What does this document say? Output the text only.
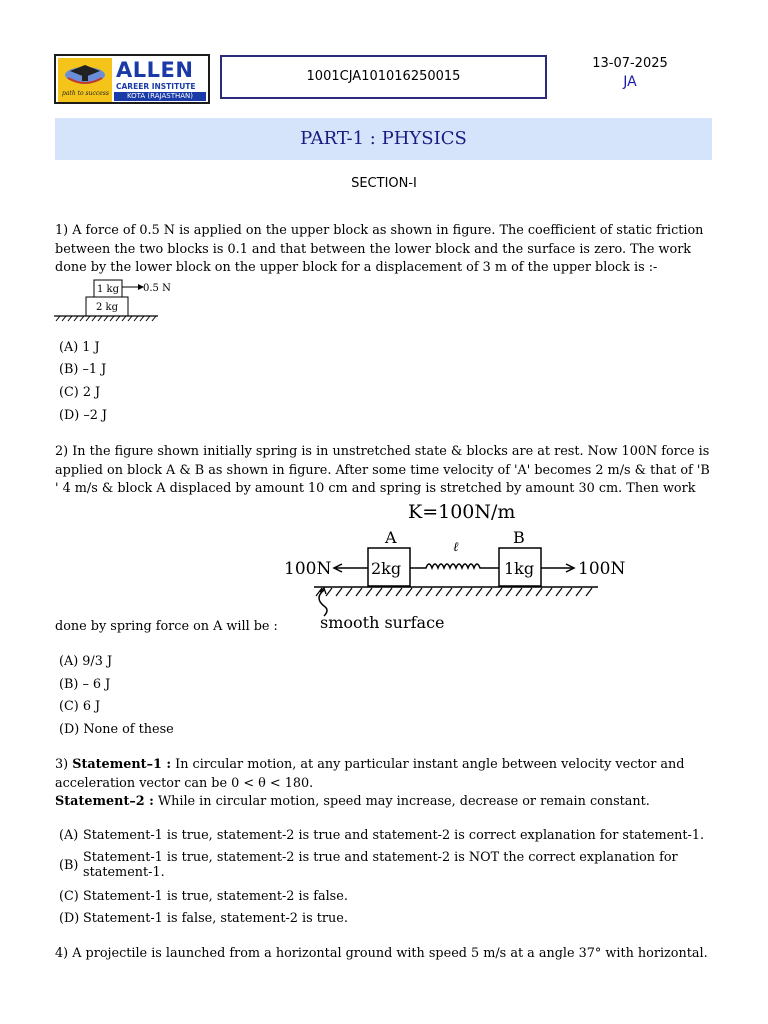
path to success
ALLEN
CAREER INSTITUTE
KOTA (RAJASTHAN)
1001CJA101016250015
13-07-2025
JA
PART-1 : PHYSICS
SECTION-I
1) A force of 0.5 N is applied on the upper block as shown in figure. The coefficient of static friction
between the two blocks is 0.1 and that between the lower block and the surface is zero. The work
done by the lower block on the upper block for a displacement of 3 m of the upper block is :-
1 kg
2 kg
0.5 N
(A) 1 J
(B) –1 J
(C) 2 J
(D) –2 J
2) In the figure shown initially spring is in unstretched state & blocks are at rest. Now 100N force is
applied on block A & B as shown in figure. After some time velocity of 'A' becomes 2 m/s & that of 'B
' 4 m/s & block A displaced by amount 10 cm and spring is stretched by amount 30 cm. Then work
K=100N/m
A	B
ℓ
2kg	1kg
100N	100N
smooth surface
done by spring force on A will be :
(A) 9/3 J
(B) – 6 J
(C) 6 J
(D) None of these
3) Statement–1 : In circular motion, at any particular instant angle between velocity vector and
acceleration vector can be 0 < θ < 180.
Statement–2 : While in circular motion, speed may increase, decrease or remain constant.
(A) Statement-1 is true, statement-2 is true and statement-2 is correct explanation for statement-1.
(B)
Statement-1 is true, statement-2 is true and statement-2 is NOT the correct explanation for statement-1.
(C) Statement-1 is true, statement-2 is false.
(D) Statement-1 is false, statement-2 is true.
4) A projectile is launched from a horizontal ground with speed 5 m/s at a angle 37° with horizontal.
